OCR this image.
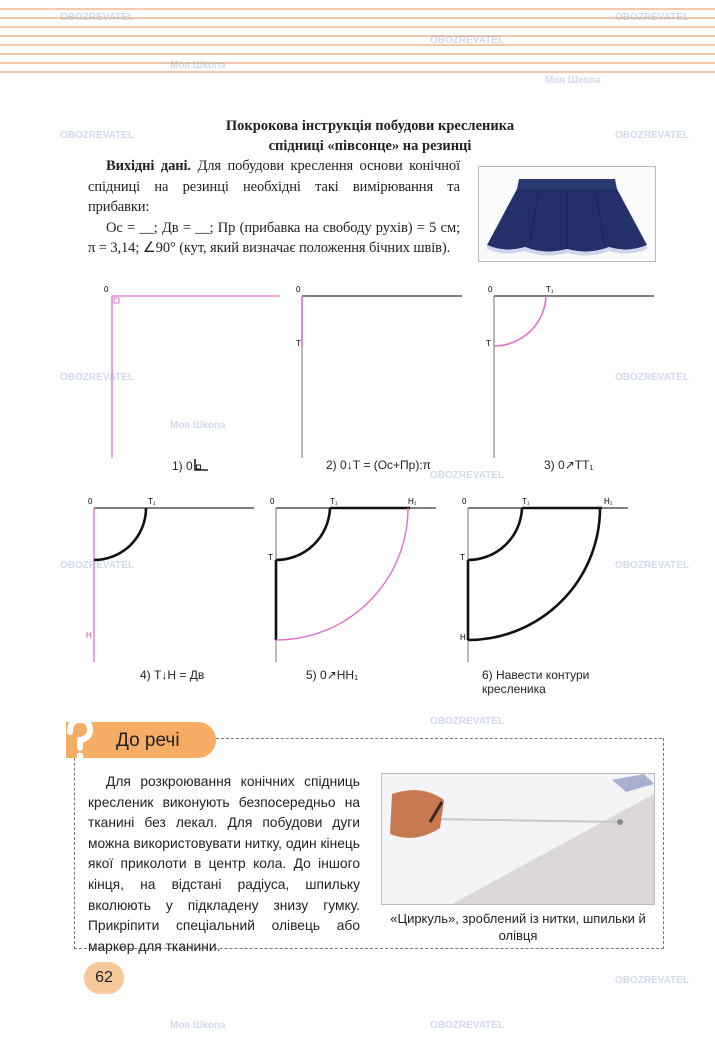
OBOZREVATEL
OBOZREVATEL
OBOZREVATEL
Моя Школа
Моя Школа
OBOZREVATEL	OBOZREVATEL
OBOZREVATEL	OBOZREVATEL
Моя Школа
OBOZREVATEL
OBOZREVATEL	OBOZREVATEL
OBOZREVATEL
OBOZREVATEL
Моя Школа	OBOZREVATEL
Покрокова інструкція побудови кресленика
спідниці «півсонце» на резинці

Вихідні дані. Для побудови креслення основи конічної спідниці на резинці необхідні такі вимірювання та прибавки:

Ос = __; Дв = __; Пр (прибавка на свободу рухів) = 5 см; π = 3,14; ∠90° (кут, який визначає положення бічних швів).

0	0
Т
0
Т
Т₁
0	Т₁
Н
0	Т₁	Н₁
Т
0	Т₁	Н₁
Т
Н
1) 0	2) 0↓Т = (Ос+Пр):π	3) 0↗ТТ₁
4) Т↓Н = Дв	5) 0↗НН₁	6) Навести контури кресленика
До речі

Для розкроювання конічних спідниць кресленик виконують безпосередньо на тканині без лекал. Для побудови дуги можна використовувати нитку, один кінець якої приколоти в центр кола. До іншого кінця, на відстані радіуса, шпильку вколюють у підкладену знизу гумку. Прикріпити спеціальний олівець або маркер для тканини.

«Циркуль», зроблений із нитки, шпильки й олівця
62
